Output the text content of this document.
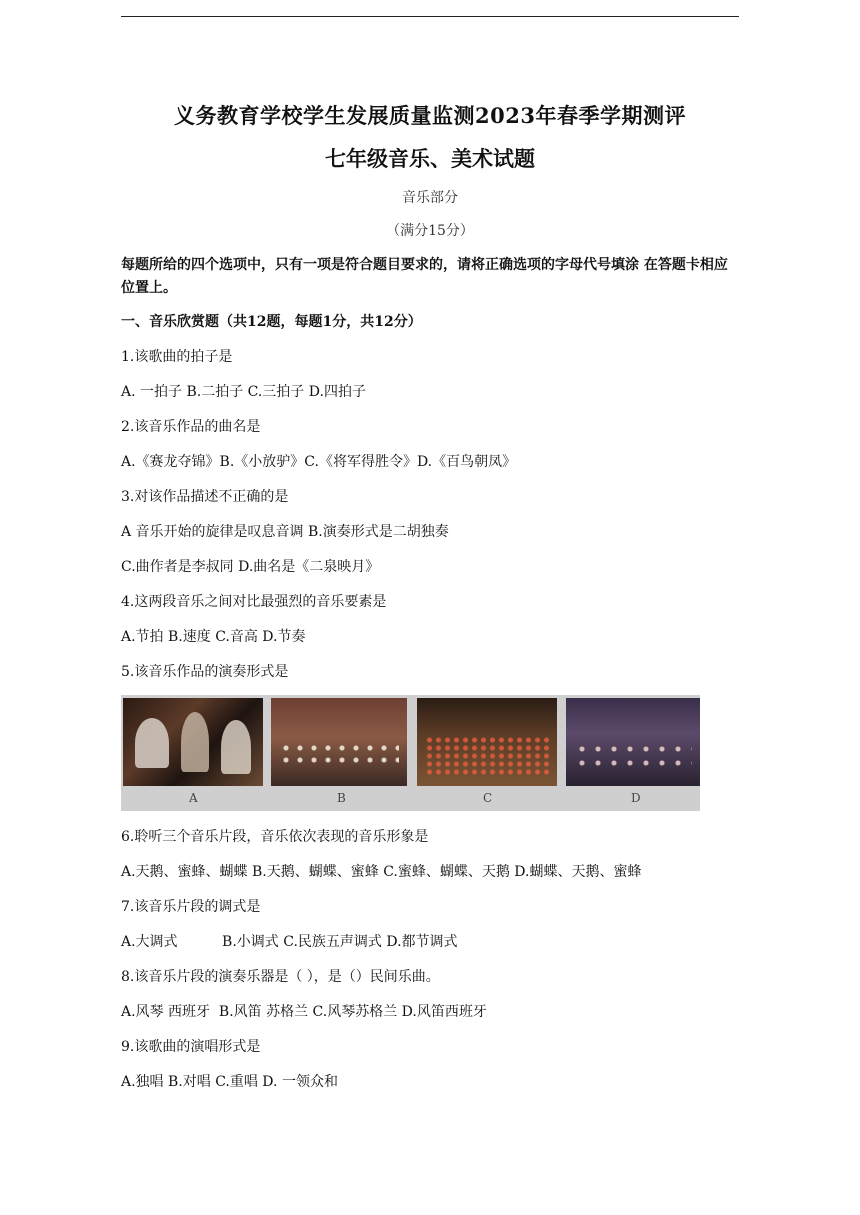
义务教育学校学生发展质量监测2023年春季学期测评
七年级音乐、美术试题
音乐部分
（满分15分）
每题所给的四个选项中，只有一项是符合题目要求的，请将正确选项的字母代号填涂 在答题卡相应位置上。
一、音乐欣赏题（共12题，每题1分，共12分）
1.该歌曲的拍子是
A. 一拍子 B.二拍子 C.三拍子 D.四拍子
2.该音乐作品的曲名是
A.《赛龙夺锦》B.《小放驴》C.《将军得胜令》D.《百鸟朝凤》
3.对该作品描述不正确的是
A 音乐开始的旋律是叹息音调 B.演奏形式是二胡独奏
C.曲作者是李叔同 D.曲名是《二泉映月》
4.这两段音乐之间对比最强烈的音乐要素是
A.节拍 B.速度 C.音高 D.节奏
5.该音乐作品的演奏形式是
A	B	C	D
6.聆听三个音乐片段，音乐依次表现的音乐形象是
A.天鹅、蜜蜂、蝴蝶 B.天鹅、蝴蝶、蜜蜂 C.蜜蜂、蝴蝶、天鹅 D.蝴蝶、天鹅、蜜蜂
7.该音乐片段的调式是
A.大调式          B.小调式 C.民族五声调式 D.都节调式
8.该音乐片段的演奏乐器是（ ），是（）民间乐曲。
A.风琴 西班牙  B.风笛 苏格兰 C.风琴苏格兰 D.风笛西班牙
9.该歌曲的演唱形式是
A.独唱 B.对唱 C.重唱 D. 一领众和
